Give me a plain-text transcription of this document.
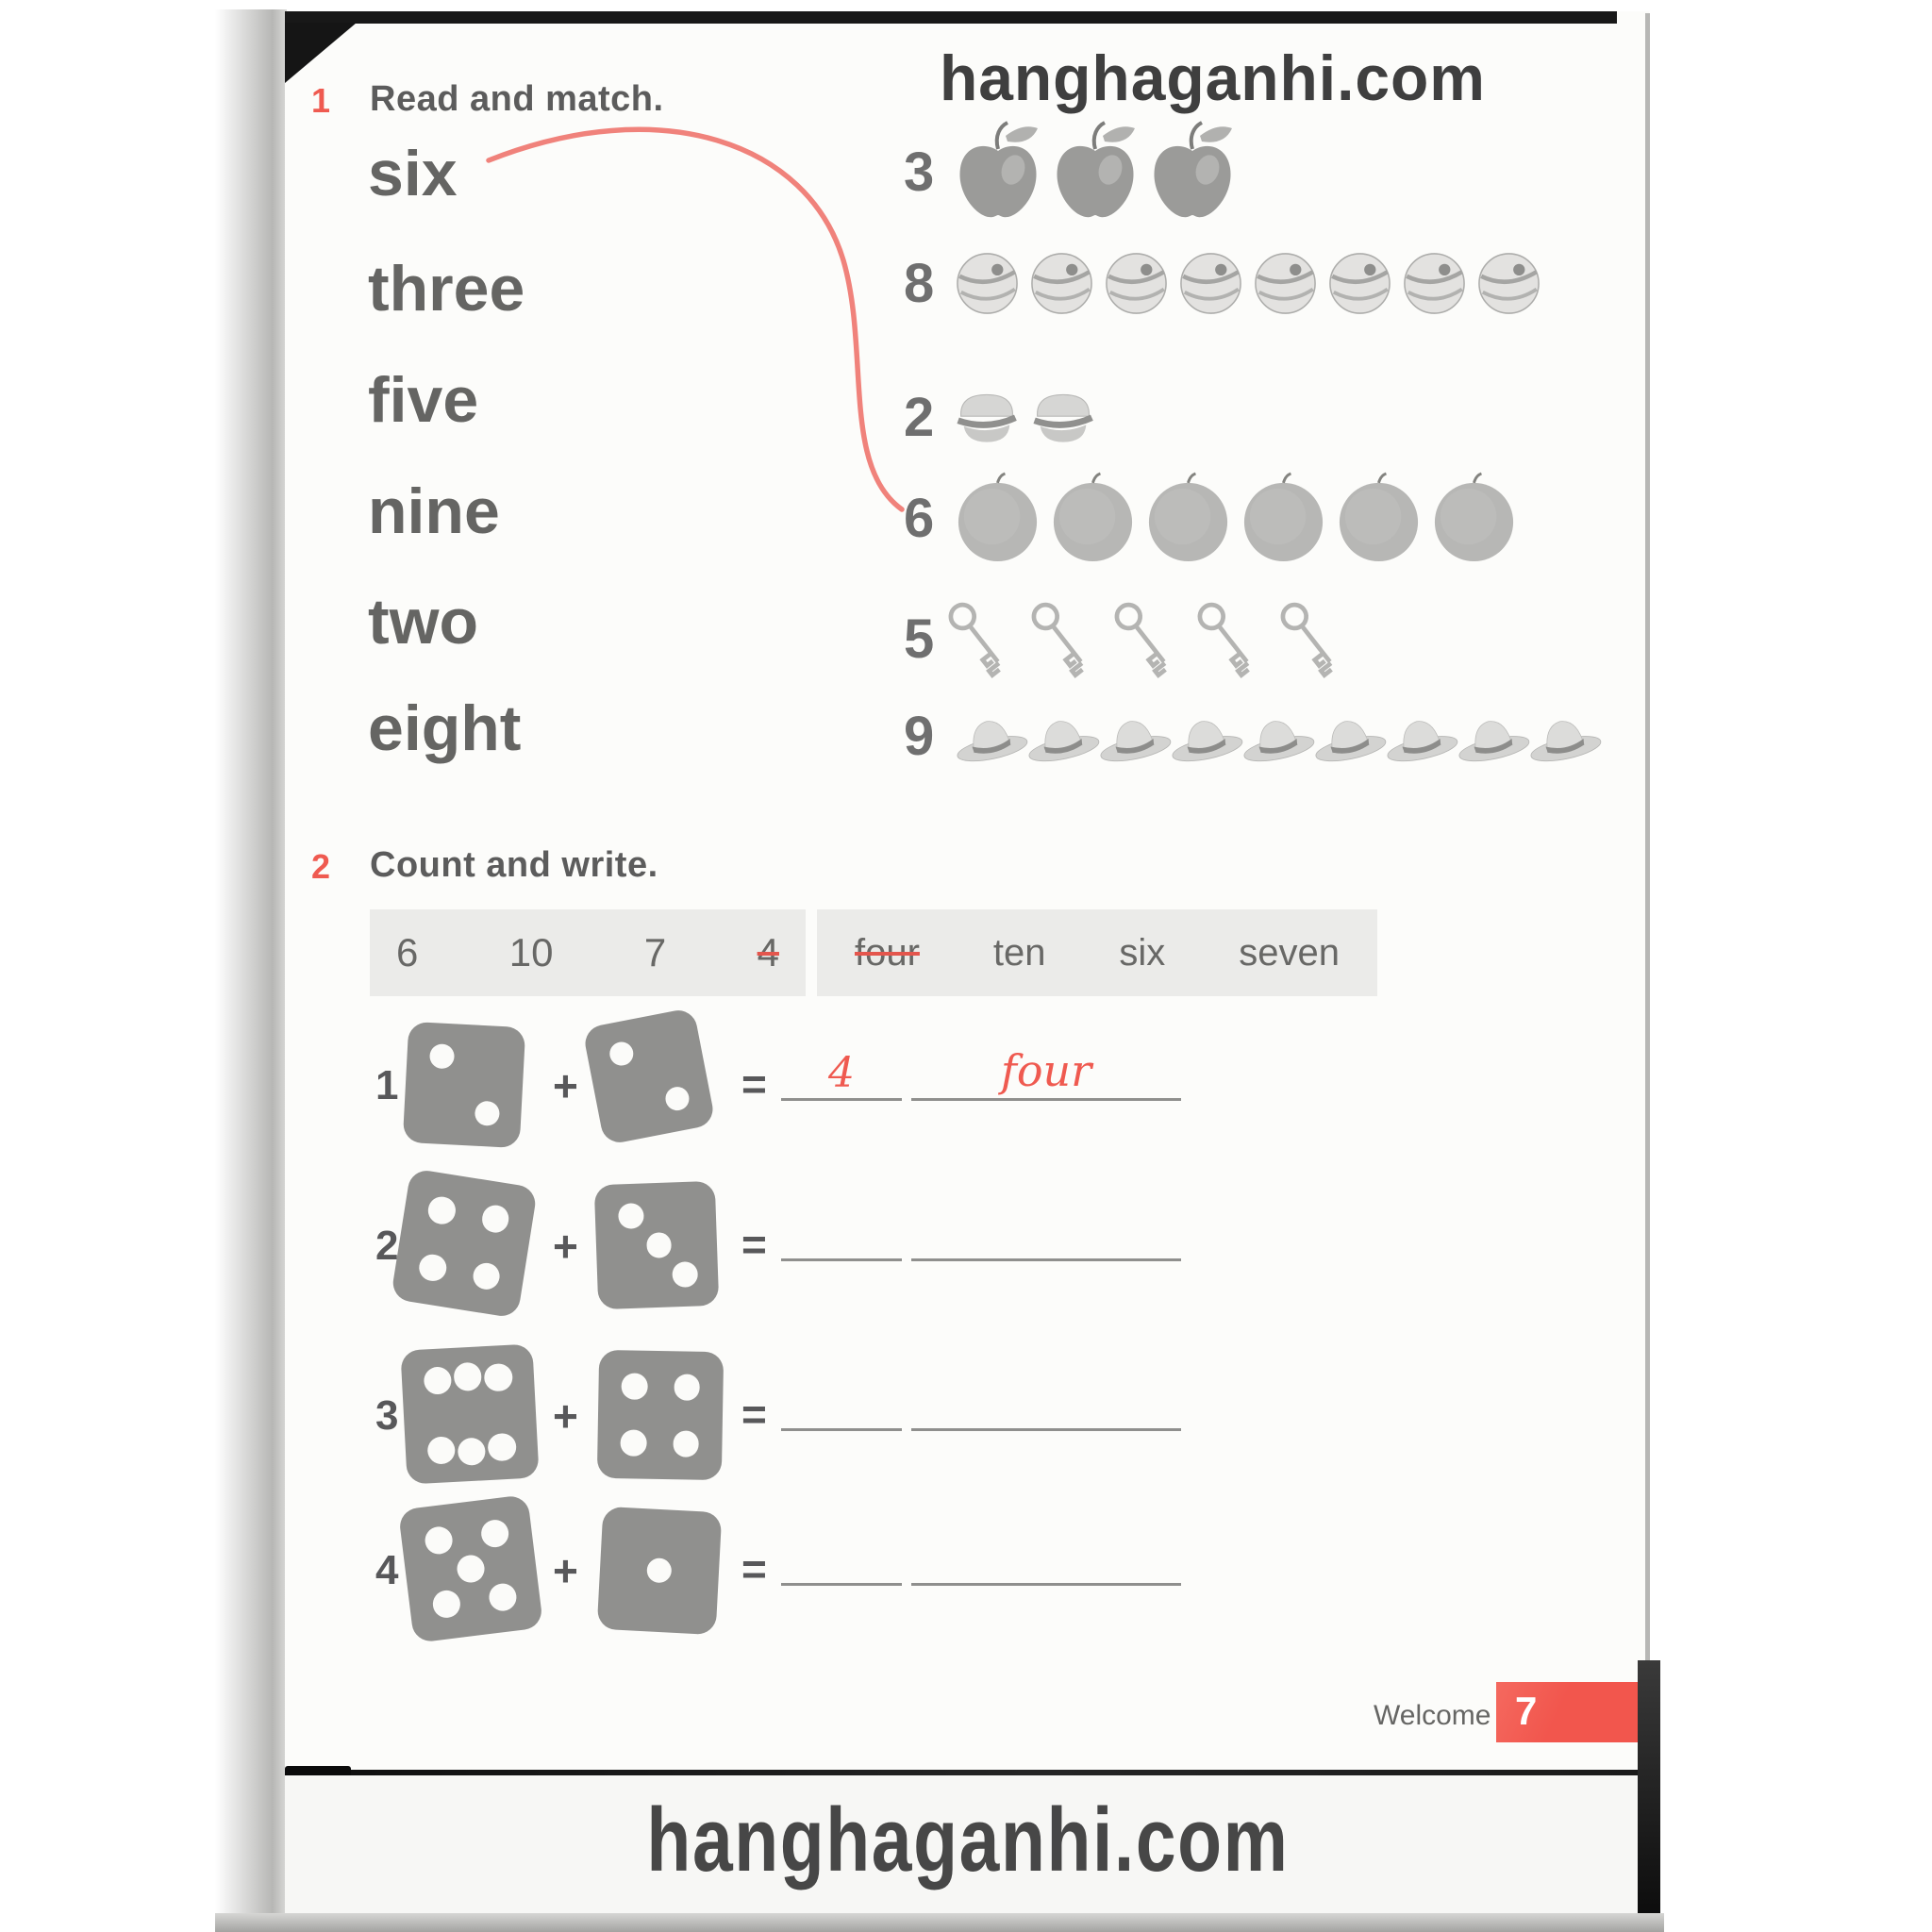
hanghaganhi.com
1 Read and match.
six
three
five
nine
two
eight
3
8
2
6
5
9
2 Count and write.
6 10 7 4 four ten six seven
1	+	=	4	four
2	+	=
3	+	=
4	+	=
Welcome 7
hanghaganhi.com
